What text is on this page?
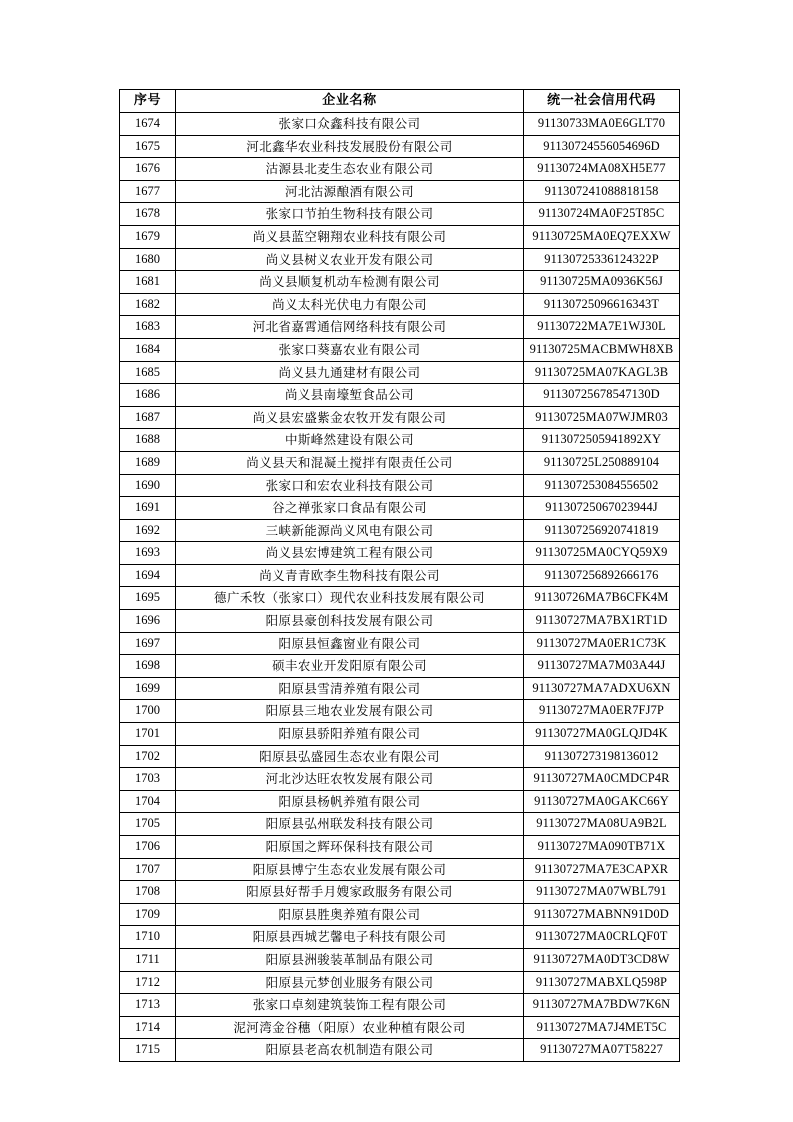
序号	企业名称	统一社会信用代码
1674	张家口众鑫科技有限公司	91130733MA0E6GLT70
1675	河北鑫华农业科技发展股份有限公司	91130724556054696D
1676	沽源县北麦生态农业有限公司	91130724MA08XH5E77
1677	河北沽源酿酒有限公司	91130724108881​8158
1678	张家口节拍生物科技有限公司	91130724MA0F25T85C
1679	尚义县蓝空翱翔农业科技有限公司	91130725MA0EQ7EXXW
1680	尚义县树义农业开发有限公司	91130725336124322P
1681	尚义县顺复机动车检测有限公司	91130725MA0936K56J
1682	尚义太科光伏电力有限公司	91130725096616343T
1683	河北省嘉霄通信网络科技有限公司	91130722MA7E1WJ30L
1684	张家口葵嘉农业有限公司	91130725MACBMWH8XB
1685	尚义县九通建材有限公司	91130725MA07KAGL3B
1686	尚义县南壕堑食品公司	91130725678547130D
1687	尚义县宏盛紫金农牧开发有限公司	91130725MA07WJMR03
1688	中斯峰然建设有限公司	911307250594189​2XY
1689	尚义县天和混凝土搅拌有限责任公司	91130725L250889104
1690	张家口和宏农业科技有限公司	91130725308455​6502
1691	谷之禅张家口食品有限公司	91130725067023944J
1692	三峡新能源尚义风电有限公司	91130725692074​1819
1693	尚义县宏博建筑工程有限公司	91130725MA0CYQ59X9
1694	尚义青青欧李生物科技有限公司	91130725689266​6176
1695	德广禾牧（张家口）现代农业科技发展有限公司	91130726MA7B6CFK4M
1696	阳原县豪创科技发展有限公司	91130727MA7BX1RT1D
1697	阳原县恒鑫窗业有限公司	91130727MA0ER1C73K
1698	硕丰农业开发阳原有限公司	91130727MA7M03A44J
1699	阳原县雪清养殖有限公司	91130727MA7ADXU6XN
1700	阳原县三地农业发展有限公司	91130727MA0ER7FJ7P
1701	阳原县骄阳养殖有限公司	91130727MA0GLQJD4K
1702	阳原县弘盛园生态农业有限公司	91130727319813​6012
1703	河北沙达旺农牧发展有限公司	91130727MA0CMDCP4R
1704	阳原县杨帆养殖有限公司	91130727MA0GAKC66Y
1705	阳原县弘州联发科技有限公司	91130727MA08UA9B2L
1706	阳原国之辉环保科技有限公司	91130727MA090TB71X
1707	阳原县博宁生态农业发展有限公司	91130727MA7E3CAPXR
1708	阳原县好帮手月嫂家政服务有限公司	91130727MA07WBL791
1709	阳原县胜奥养殖有限公司	91130727MABNN91D0D
1710	阳原县西城艺馨电子科技有限公司	91130727MA0CRLQF0T
1711	阳原县洲骏装革制品有限公司	91130727MA0DT3CD8W
1712	阳原县元梦创业服务有限公司	91130727MABXLQ598P
1713	张家口卓刻建筑装饰工程有限公司	91130727MA7BDW7K6N
1714	泥河湾金谷穗（阳原）农业种植有限公司	91130727MA7J4MET5C
1715	阳原县老高农机制造有限公司	91130727MA07T58227
